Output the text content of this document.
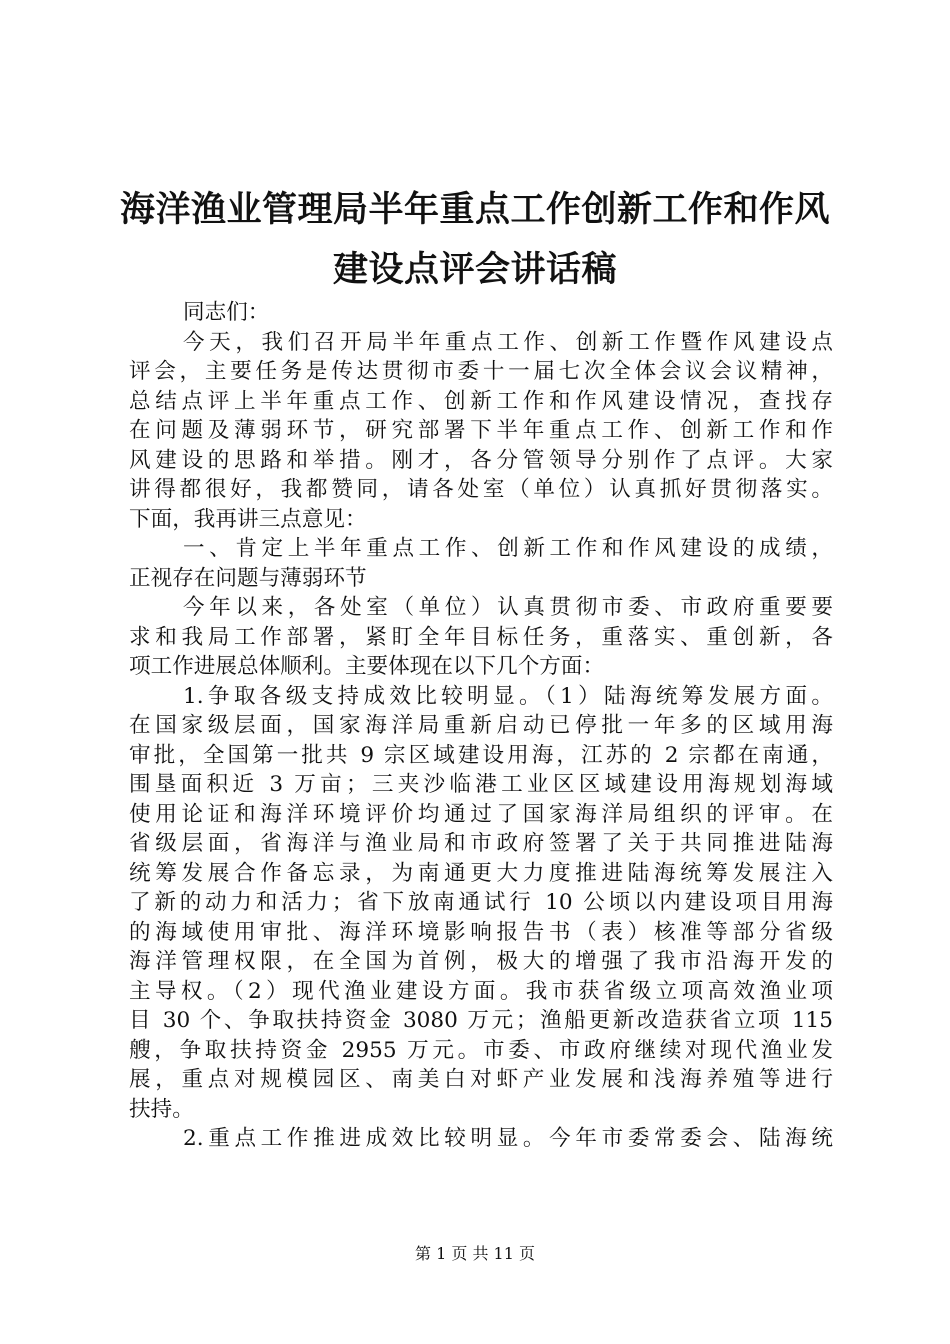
海洋渔业管理局半年重点工作创新工作和作风
建设点评会讲话稿
同志们：
今天，我们召开局半年重点工作、创新工作暨作风建设点
评会，主要任务是传达贯彻市委十一届七次全体会议会议精神，
总结点评上半年重点工作、创新工作和作风建设情况，查找存
在问题及薄弱环节，研究部署下半年重点工作、创新工作和作
风建设的思路和举措。刚才，各分管领导分别作了点评。大家
讲得都很好，我都赞同，请各处室（单位）认真抓好贯彻落实。
下面，我再讲三点意见：
一、肯定上半年重点工作、创新工作和作风建设的成绩，
正视存在问题与薄弱环节
今年以来，各处室（单位）认真贯彻市委、市政府重要要
求和我局工作部署，紧盯全年目标任务，重落实、重创新，各
项工作进展总体顺利。主要体现在以下几个方面：
1.争取各级支持成效比较明显。（1）陆海统筹发展方面。
在国家级层面，国家海洋局重新启动已停批一年多的区域用海
审批，全国第一批共 9 宗区域建设用海，江苏的 2 宗都在南通，
围垦面积近 3 万亩；三夹沙临港工业区区域建设用海规划海域
使用论证和海洋环境评价均通过了国家海洋局组织的评审。在
省级层面，省海洋与渔业局和市政府签署了关于共同推进陆海
统筹发展合作备忘录，为南通更大力度推进陆海统筹发展注入
了新的动力和活力；省下放南通试行 10 公顷以内建设项目用海
的海域使用审批、海洋环境影响报告书（表）核准等部分省级
海洋管理权限，在全国为首例，极大的增强了我市沿海开发的
主导权。（2）现代渔业建设方面。我市获省级立项高效渔业项
目 30 个、争取扶持资金 3080 万元；渔船更新改造获省立项 115
艘，争取扶持资金 2955 万元。市委、市政府继续对现代渔业发
展，重点对规模园区、南美白对虾产业发展和浅海养殖等进行
扶持。
2.重点工作推进成效比较明显。今年市委常委会、陆海统
第 1 页 共 11 页
